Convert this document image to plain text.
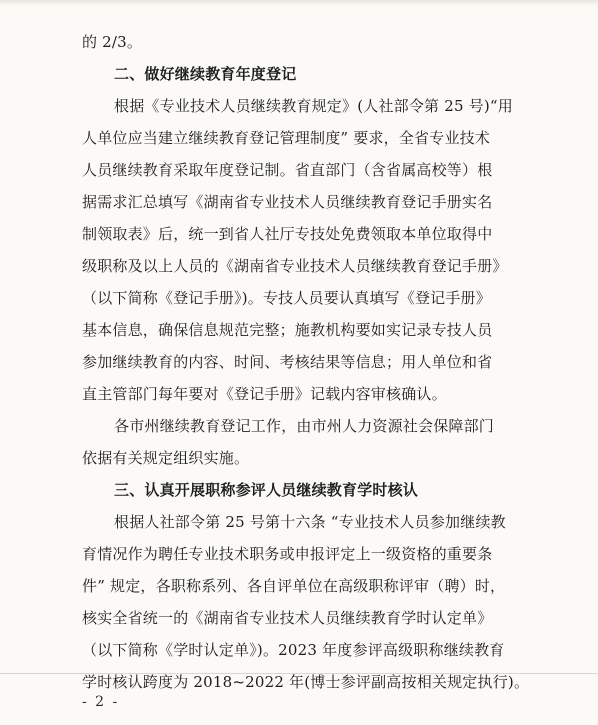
的 2/3。
二、做好继续教育年度登记
根据《专业技术人员继续教育规定》(人社部令第 25 号)“用
人单位应当建立继续教育登记管理制度” 要求，全省专业技术
人员继续教育采取年度登记制。省直部门（含省属高校等）根
据需求汇总填写《湖南省专业技术人员继续教育登记手册实名
制领取表》后，统一到省人社厅专技处免费领取本单位取得中
级职称及以上人员的《湖南省专业技术人员继续教育登记手册》
（以下简称《登记手册》)。专技人员要认真填写《登记手册》
基本信息，确保信息规范完整；施教机构要如实记录专技人员
参加继续教育的内容、时间、考核结果等信息；用人单位和省
直主管部门每年要对《登记手册》记载内容审核确认。
各市州继续教育登记工作，由市州人力资源社会保障部门
依据有关规定组织实施。
三、认真开展职称参评人员继续教育学时核认
根据人社部令第 25 号第十六条 “专业技术人员参加继续教
育情况作为聘任专业技术职务或申报评定上一级资格的重要条
件” 规定，各职称系列、各自评单位在高级职称评审（聘）时，
核实全省统一的《湖南省专业技术人员继续教育学时认定单》
（以下简称《学时认定单》)。2023 年度参评高级职称继续教育
学时核认跨度为 2018~2022 年(博士参评副高按相关规定执行)。
- 2 -
